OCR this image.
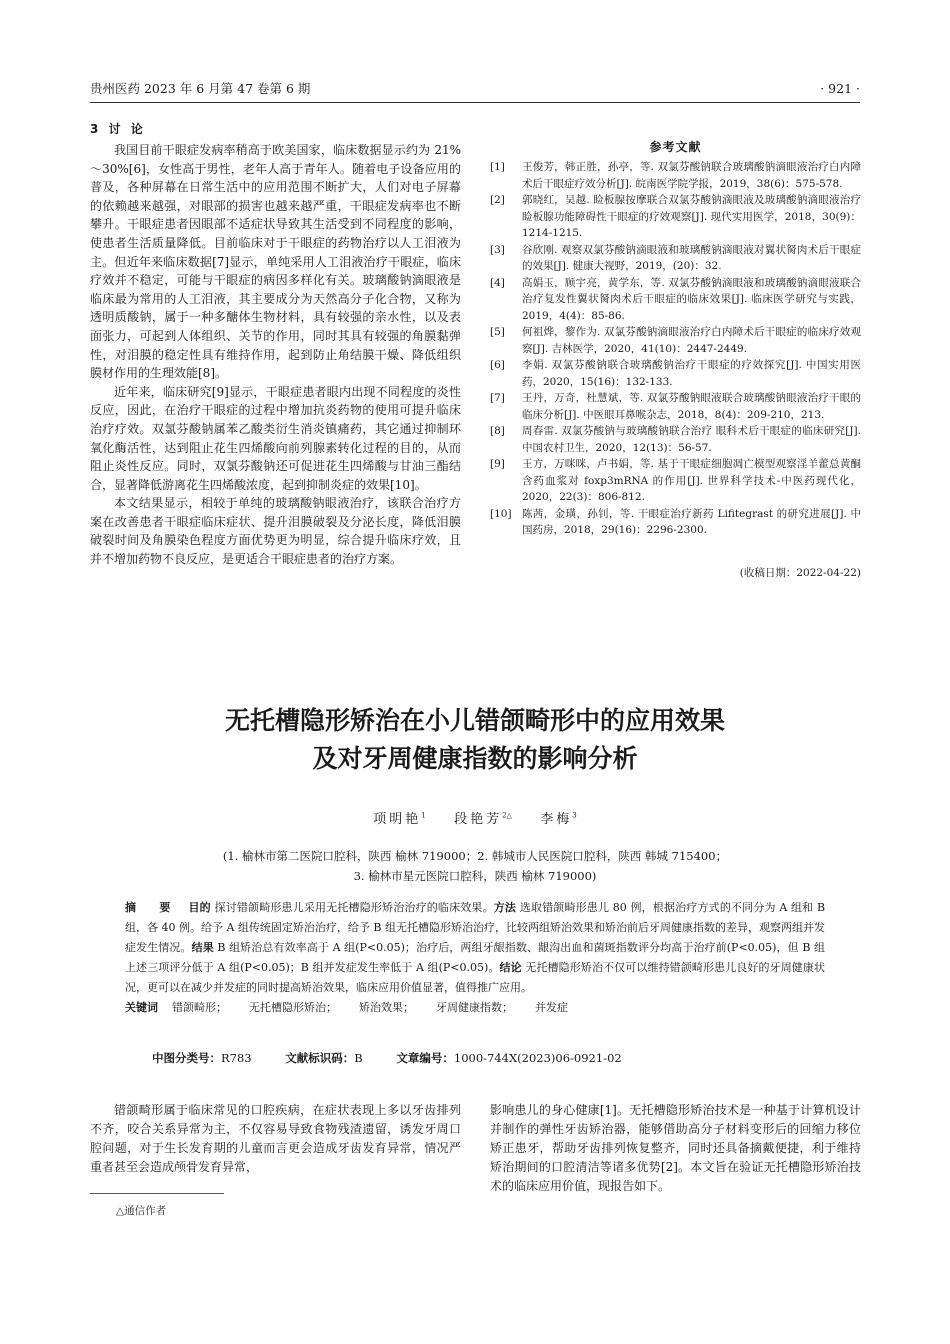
贵州医药 2023 年 6 月第 47 卷第 6 期	· 921 ·
3 讨 论

我国目前干眼症发病率稍高于欧美国家，临床数据显示约为 21%～30%[6]，女性高于男性，老年人高于青年人。随着电子设备应用的普及，各种屏幕在日常生活中的应用范围不断扩大，人们对电子屏幕的依赖越来越强，对眼部的损害也越来越严重，干眼症发病率也不断攀升。干眼症患者因眼部不适症状导致其生活受到不同程度的影响，使患者生活质量降低。目前临床对于干眼症的药物治疗以人工泪液为主。但近年来临床数据[7]显示，单纯采用人工泪液治疗干眼症，临床疗效并不稳定，可能与干眼症的病因多样化有关。玻璃酸钠滴眼液是临床最为常用的人工泪液，其主要成分为天然高分子化合物，又称为透明质酸钠，属于一种多醣体生物材料，具有较强的亲水性，以及表面张力，可起到人体组织、关节的作用，同时其具有较强的角膜黏弹性，对泪膜的稳定性具有维持作用，起到防止角结膜干燥、降低组织膜材作用的生理效能[8]。

近年来，临床研究[9]显示，干眼症患者眼内出现不同程度的炎性反应，因此，在治疗干眼症的过程中增加抗炎药物的使用可提升临床治疗疗效。双氯芬酸钠属苯乙酸类衍生消炎镇痛药，其它通过抑制环氧化酶活性，达到阻止花生四烯酸向前列腺素转化过程的目的，从而阻止炎性反应。同时，双氯芬酸钠还可促进花生四烯酸与甘油三酯结合，显著降低游离花生四烯酸浓度，起到抑制炎症的效果[10]。

本文结果显示，相较于单纯的玻璃酸钠眼液治疗，该联合治疗方案在改善患者干眼症临床症状、提升泪膜破裂及分泌长度，降低泪膜破裂时间及角膜染色程度方面优势更为明显，综合提升临床疗效，且并不增加药物不良反应，是更适合干眼症患者的治疗方案。

参考文献
[1]	王俊芳，韩正胜，孙亭，等. 双氯芬酸钠联合玻璃酸钠滴眼液治疗白内障术后干眼症疗效分析[J]. 皖南医学院学报，2019，38(6)：575-578.
[2]	郭晓红，吴越. 睑板腺按摩联合双氯芬酸钠滴眼液及玻璃酸钠滴眼液治疗睑板腺功能障碍性干眼症的疗效观察[J]. 现代实用医学，2018，30(9)：1214-1215.
[3]	谷欣刚. 观察双氯芬酸钠滴眼液和玻璃酸钠滴眼液对翼状胬肉术后干眼症的效果[J]. 健康大视野，2019，(20)：32.
[4]	高娟玉，顾宇亮，黄学东，等. 双氯芬酸钠滴眼液和玻璃酸钠滴眼液联合治疗复发性翼状胬肉术后干眼症的临床效果[J]. 临床医学研究与实践，2019，4(4)：85-86.
[5]	何祖烨，黎作为. 双氯芬酸钠滴眼液治疗白内障术后干眼症的临床疗效观察[J]. 吉林医学，2020，41(10)：2447-2449.
[6]	李娟. 双氯芬酸钠联合玻璃酸钠治疗干眼症的疗效探究[J]. 中国实用医药，2020，15(16)：132-133.
[7]	王丹，万奇，杜慧斌，等. 双氯芬酸钠眼液联合玻璃酸钠眼液治疗干眼的临床分析[J]. 中医眼耳鼻喉杂志，2018，8(4)：209-210，213.
[8]	周春雷. 双氯芬酸钠与玻璃酸钠联合治疗 眼科术后干眼症的临床研究[J]. 中国农村卫生，2020，12(13)：56-57.
[9]	王方，万咪咪，卢书娟，等. 基于干眼症细胞凋亡模型观察淫羊藿总黄酮含药血浆对 foxp3mRNA 的作用[J]. 世界科学技术-中医药现代化，2020，22(3)：806-812.
[10] 陈茜，金璜，孙钊，等. 干眼症治疗新药 Lifitegrast 的研究进展[J]. 中国药房，2018，29(16)：2296-2300.
(收稿日期：2022-04-22)
无托槽隐形矫治在小儿错颌畸形中的应用效果
及对牙周健康指数的影响分析
项明艳$^1$ 段艳芳$^{2\triangle}$ 李梅$^3$
(1. 榆林市第二医院口腔科，陕西 榆林 719000；2. 韩城市人民医院口腔科，陕西 韩城 715400；
3. 榆林市星元医院口腔科，陕西 榆林 719000)

摘　要 目的 探讨错颌畸形患儿采用无托槽隐形矫治治疗的临床效果。方法 选取错颌畸形患儿 80 例，根据治疗方式的不同分为 A 组和 B 组，各 40 例。给予 A 组传统固定矫治治疗，给予 B 组无托槽隐形矫治治疗，比较两组矫治效果和矫治前后牙周健康指数的差异，观察两组并发症发生情况。结果 B 组矫治总有效率高于 A 组(P<0.05)；治疗后，两组牙龈指数、龈沟出血和菌斑指数评分均高于治疗前(P<0.05)，但 B 组上述三项评分低于 A 组(P<0.05)；B 组并发症发生率低于 A 组(P<0.05)。结论 无托槽隐形矫治不仅可以维持错颌畸形患儿良好的牙周健康状况，更可以在减少并发症的同时提高矫治效果，临床应用价值显著，值得推广应用。

关键词 错颌畸形； 无托槽隐形矫治； 矫治效果； 牙周健康指数； 并发症

中图分类号：R783	文献标识码：B	文章编号：1000-744X(2023)06-0921-02

错颌畸形属于临床常见的口腔疾病，在症状表现上多以牙齿排列不齐，咬合关系异常为主，不仅容易导致食物残渣遗留，诱发牙周口腔问题，对于生长发育期的儿童而言更会造成牙齿发育异常，情况严重者甚至会造成颅骨发育异常，

影响患儿的身心健康[1]。无托槽隐形矫治技术是一种基于计算机设计并制作的弹性牙齿矫治器，能够借助高分子材料变形后的回缩力移位矫正患牙，帮助牙齿排列恢复整齐，同时还具备摘戴便捷，利于维持矫治期间的口腔清洁等诸多优势[2]。本文旨在验证无托槽隐形矫治技术的临床应用价值，现报告如下。

△通信作者
